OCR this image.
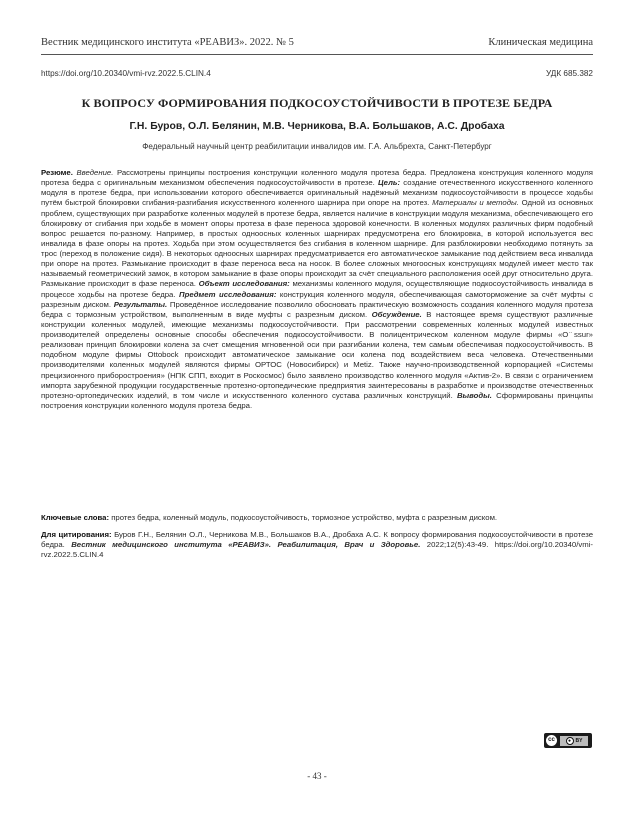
Вестник медицинского института «РЕАВИЗ». 2022. № 5	Клиническая медицина
https://doi.org/10.20340/vmi-rvz.2022.5.CLIN.4	УДК 685.382
К ВОПРОСУ ФОРМИРОВАНИЯ ПОДКОСОУСТОЙЧИВОСТИ В ПРОТЕЗЕ БЕДРА
Г.Н. Буров, О.Л. Белянин, М.В. Черникова, В.А. Большаков, А.С. Дробаха
Федеральный научный центр реабилитации инвалидов им. Г.А. Альбрехта, Санкт-Петербург
Резюме. Введение. Рассмотрены принципы построения конструкции коленного модуля протеза бедра. Предложена конструкция коленного модуля протеза бедра с оригинальным механизмом обеспечения подкосоустойчивости в протезе. Цель: создание отечественного искусственного коленного модуля в протезе бедра, при использовании которого обеспечивается оригинальный надёжный механизм подкосоустойчивости в процессе ходьбы путём быстрой блокировки сгибания-разгибания искусственного коленного шарнира при опоре на протез. Материалы и методы. Одной из основных проблем, существующих при разработке коленных модулей в протезе бедра, является наличие в конструкции модуля механизма, обеспечивающего его блокировку от сгибания при ходьбе в момент опоры протеза в фазе переноса здоровой конечности. В коленных модулях различных фирм подобный вопрос решается по-разному. Например, в простых одноосных коленных шарнирах предусмотрена его блокировка, в которой используется вес инвалида в фазе опоры на протез. Ходьба при этом осуществляется без сгибания в коленном шарнире. Для разблокировки необходимо потянуть за трос (переход в положение сидя). В некоторых одноосных шарнирах предусматривается его автоматическое замыкание под действием веса инвалида при опоре на протез. Размыкание происходит в фазе переноса веса на носок. В более сложных многоосных конструкциях модулей имеет место так называемый геометрический замок, в котором замыкание в фазе опоры происходит за счёт специального расположения осей друг относительно друга. Размыкание происходит в фазе переноса. Объект исследования: механизмы коленного модуля, осуществляющие подкосоустойчивость инвалида в процессе ходьбы на протезе бедра. Предмет исследования: конструкция коленного модуля, обеспечивающая самоторможение за счёт муфты с разрезным диском. Результаты. Проведённое исследование позволило обосновать практическую возможность создания коленного модуля протеза бедра с тормозным устройством, выполненным в виде муфты с разрезным диском. Обсуждение. В настоящее время существуют различные конструкции коленных модулей, имеющие механизмы подкосоустойчивости. При рассмотрении современных коленных модулей известных производителей определены основные способы обеспечения подкосоустойчивости. В полицентрическом коленном модуле фирмы «О ̈ssur» реализован принцип блокировки колена за счет смещения мгновенной оси при разгибании колена, тем самым обеспечивая подкосоустойчивость. В подобном модуле фирмы Ottobock происходит автоматическое замыкание оси колена под воздействием веса человека. Отечественными производителями коленных модулей являются фирмы ОРТОС (Новосибирск) и Metiz. Также научно-производственной корпорацией «Системы прецизионного приборостроения» (НПК СПП, входит в Роскосмос) было заявлено производство коленного модуля «Актив-2». В связи с ограничением импорта зарубежной продукции государственные протезно-ортопедические предприятия заинтересованы в разработке и производстве отечественных протезно-ортопедических изделий, в том числе и искусственного коленного сустава различных конструкций. Выводы. Сформированы принципы построения конструкции коленного модуля протеза бедра.
Ключевые слова: протез бедра, коленный модуль, подкосоустойчивость, тормозное устройство, муфта с разрезным диском.
Для цитирования: Буров Г.Н., Белянин О.Л., Черникова М.В., Большаков В.А., Дробаха А.С. К вопросу формирования подкосоустойчивости в протезе бедра. Вестник медицинского института «РЕАВИЗ». Реабилитация, Врач и Здоровье. 2022;12(5):43-49. https://doi.org/10.20340/vmi-rvz.2022.5.CLIN.4
cc	● BY
- 43 -
